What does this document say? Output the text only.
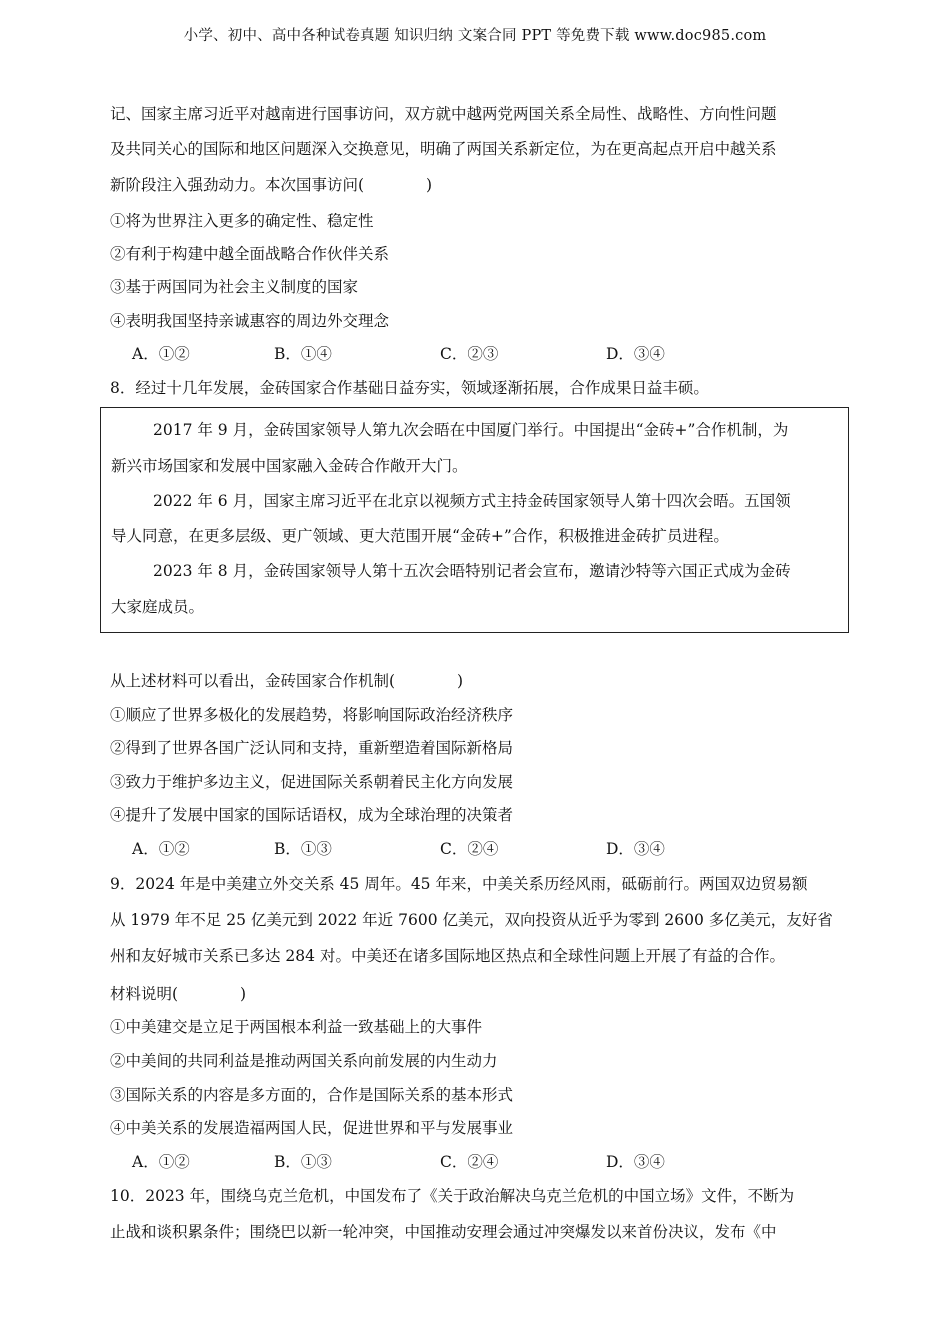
小学、初中、高中各种试卷真题 知识归纳 文案合同 PPT 等免费下载 www.doc985.com
记、国家主席习近平对越南进行国事访问，双方就中越两党两国关系全局性、战略性、方向性问题
及共同关心的国际和地区问题深入交换意见，明确了两国关系新定位，为在更高起点开启中越关系
新阶段注入强劲动力。本次国事访问(　　　　)
①将为世界注入更多的确定性、稳定性
②有利于构建中越全面战略合作伙伴关系
③基于两国同为社会主义制度的国家
④表明我国坚持亲诚惠容的周边外交理念
A．①②	B．①④	C．②③	D．③④
8．经过十几年发展，金砖国家合作基础日益夯实，领域逐渐拓展，合作成果日益丰硕。
2017 年 9 月，金砖国家领导人第九次会晤在中国厦门举行。中国提出“金砖+”合作机制，为
新兴市场国家和发展中国家融入金砖合作敞开大门。
2022 年 6 月，国家主席习近平在北京以视频方式主持金砖国家领导人第十四次会晤。五国领
导人同意，在更多层级、更广领域、更大范围开展“金砖+”合作，积极推进金砖扩员进程。
2023 年 8 月，金砖国家领导人第十五次会晤特别记者会宣布，邀请沙特等六国正式成为金砖
大家庭成员。
从上述材料可以看出，金砖国家合作机制(　　　　)
①顺应了世界多极化的发展趋势，将影响国际政治经济秩序
②得到了世界各国广泛认同和支持，重新塑造着国际新格局
③致力于维护多边主义，促进国际关系朝着民主化方向发展
④提升了发展中国家的国际话语权，成为全球治理的决策者
A．①②	B．①③	C．②④	D．③④
9．2024 年是中美建立外交关系 45 周年。45 年来，中美关系历经风雨，砥砺前行。两国双边贸易额
从 1979 年不足 25 亿美元到 2022 年近 7600 亿美元，双向投资从近乎为零到 2600 多亿美元，友好省
州和友好城市关系已多达 284 对。中美还在诸多国际地区热点和全球性问题上开展了有益的合作。
材料说明(　　　　)
①中美建交是立足于两国根本利益一致基础上的大事件
②中美间的共同利益是推动两国关系向前发展的内生动力
③国际关系的内容是多方面的，合作是国际关系的基本形式
④中美关系的发展造福两国人民，促进世界和平与发展事业
A．①②	B．①③	C．②④	D．③④
10．2023 年，围绕乌克兰危机，中国发布了《关于政治解决乌克兰危机的中国立场》文件，不断为
止战和谈积累条件；围绕巴以新一轮冲突，中国推动安理会通过冲突爆发以来首份决议，发布《中
